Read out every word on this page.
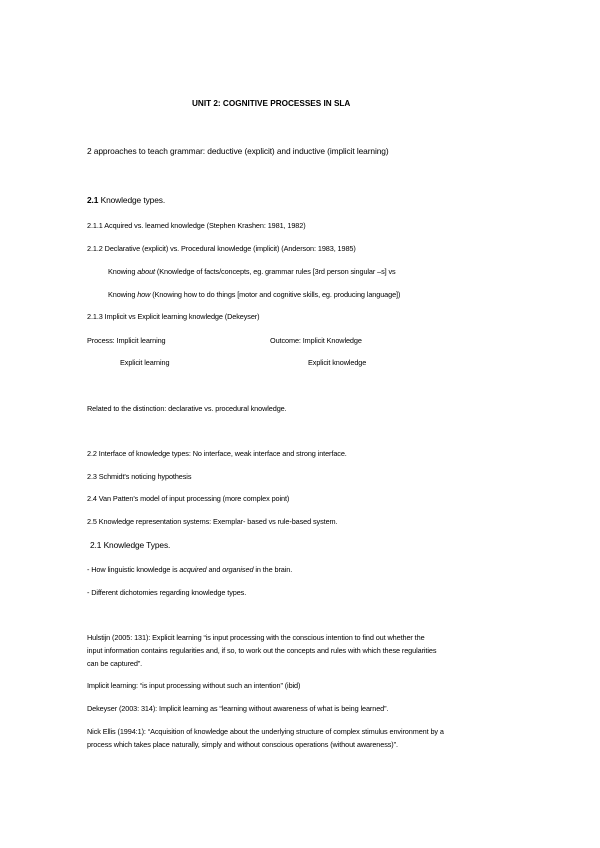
UNIT 2: COGNITIVE PROCESSES IN SLA
2 approaches to teach grammar: deductive (explicit) and inductive (implicit learning)
2.1 Knowledge types.
2.1.1 Acquired vs. learned knowledge (Stephen Krashen: 1981, 1982)
2.1.2 Declarative (explicit) vs. Procedural knowledge (implicit) (Anderson: 1983, 1985)
Knowing about (Knowledge of facts/concepts, eg. grammar rules [3rd person singular –s] vs
Knowing how (Knowing how to do things [motor and cognitive skills, eg. producing language])
2.1.3 Implicit vs Explicit learning knowledge (Dekeyser)
Process: Implicit learning	Outcome: Implicit Knowledge
Explicit learning	Explicit knowledge
Related to the distinction: declarative vs. procedural knowledge.
2.2 Interface of knowledge types: No interface, weak interface and strong interface.
2.3 Schmidt's noticing hypothesis
2.4 Van Patten's model of input processing (more complex point)
2.5 Knowledge representation systems: Exemplar- based vs rule-based system.
2.1 Knowledge Types.
- How linguistic knowledge is acquired and organised in the brain.
- Different dichotomies regarding knowledge types.
Hulstijn (2005: 131): Explicit learning “is input processing with the conscious intention to find out whether the
input information contains regularities and, if so, to work out the concepts and rules with which these regularities
can be captured”.
Implicit learning: “is input processing without such an intention” (ibid)
Dekeyser (2003: 314): Implicit learning as “learning without awareness of what is being learned”.
Nick Ellis (1994:1): “Acquisition of knowledge about the underlying structure of complex stimulus environment by a
process which takes place naturally, simply and without conscious operations (without awareness)”.
